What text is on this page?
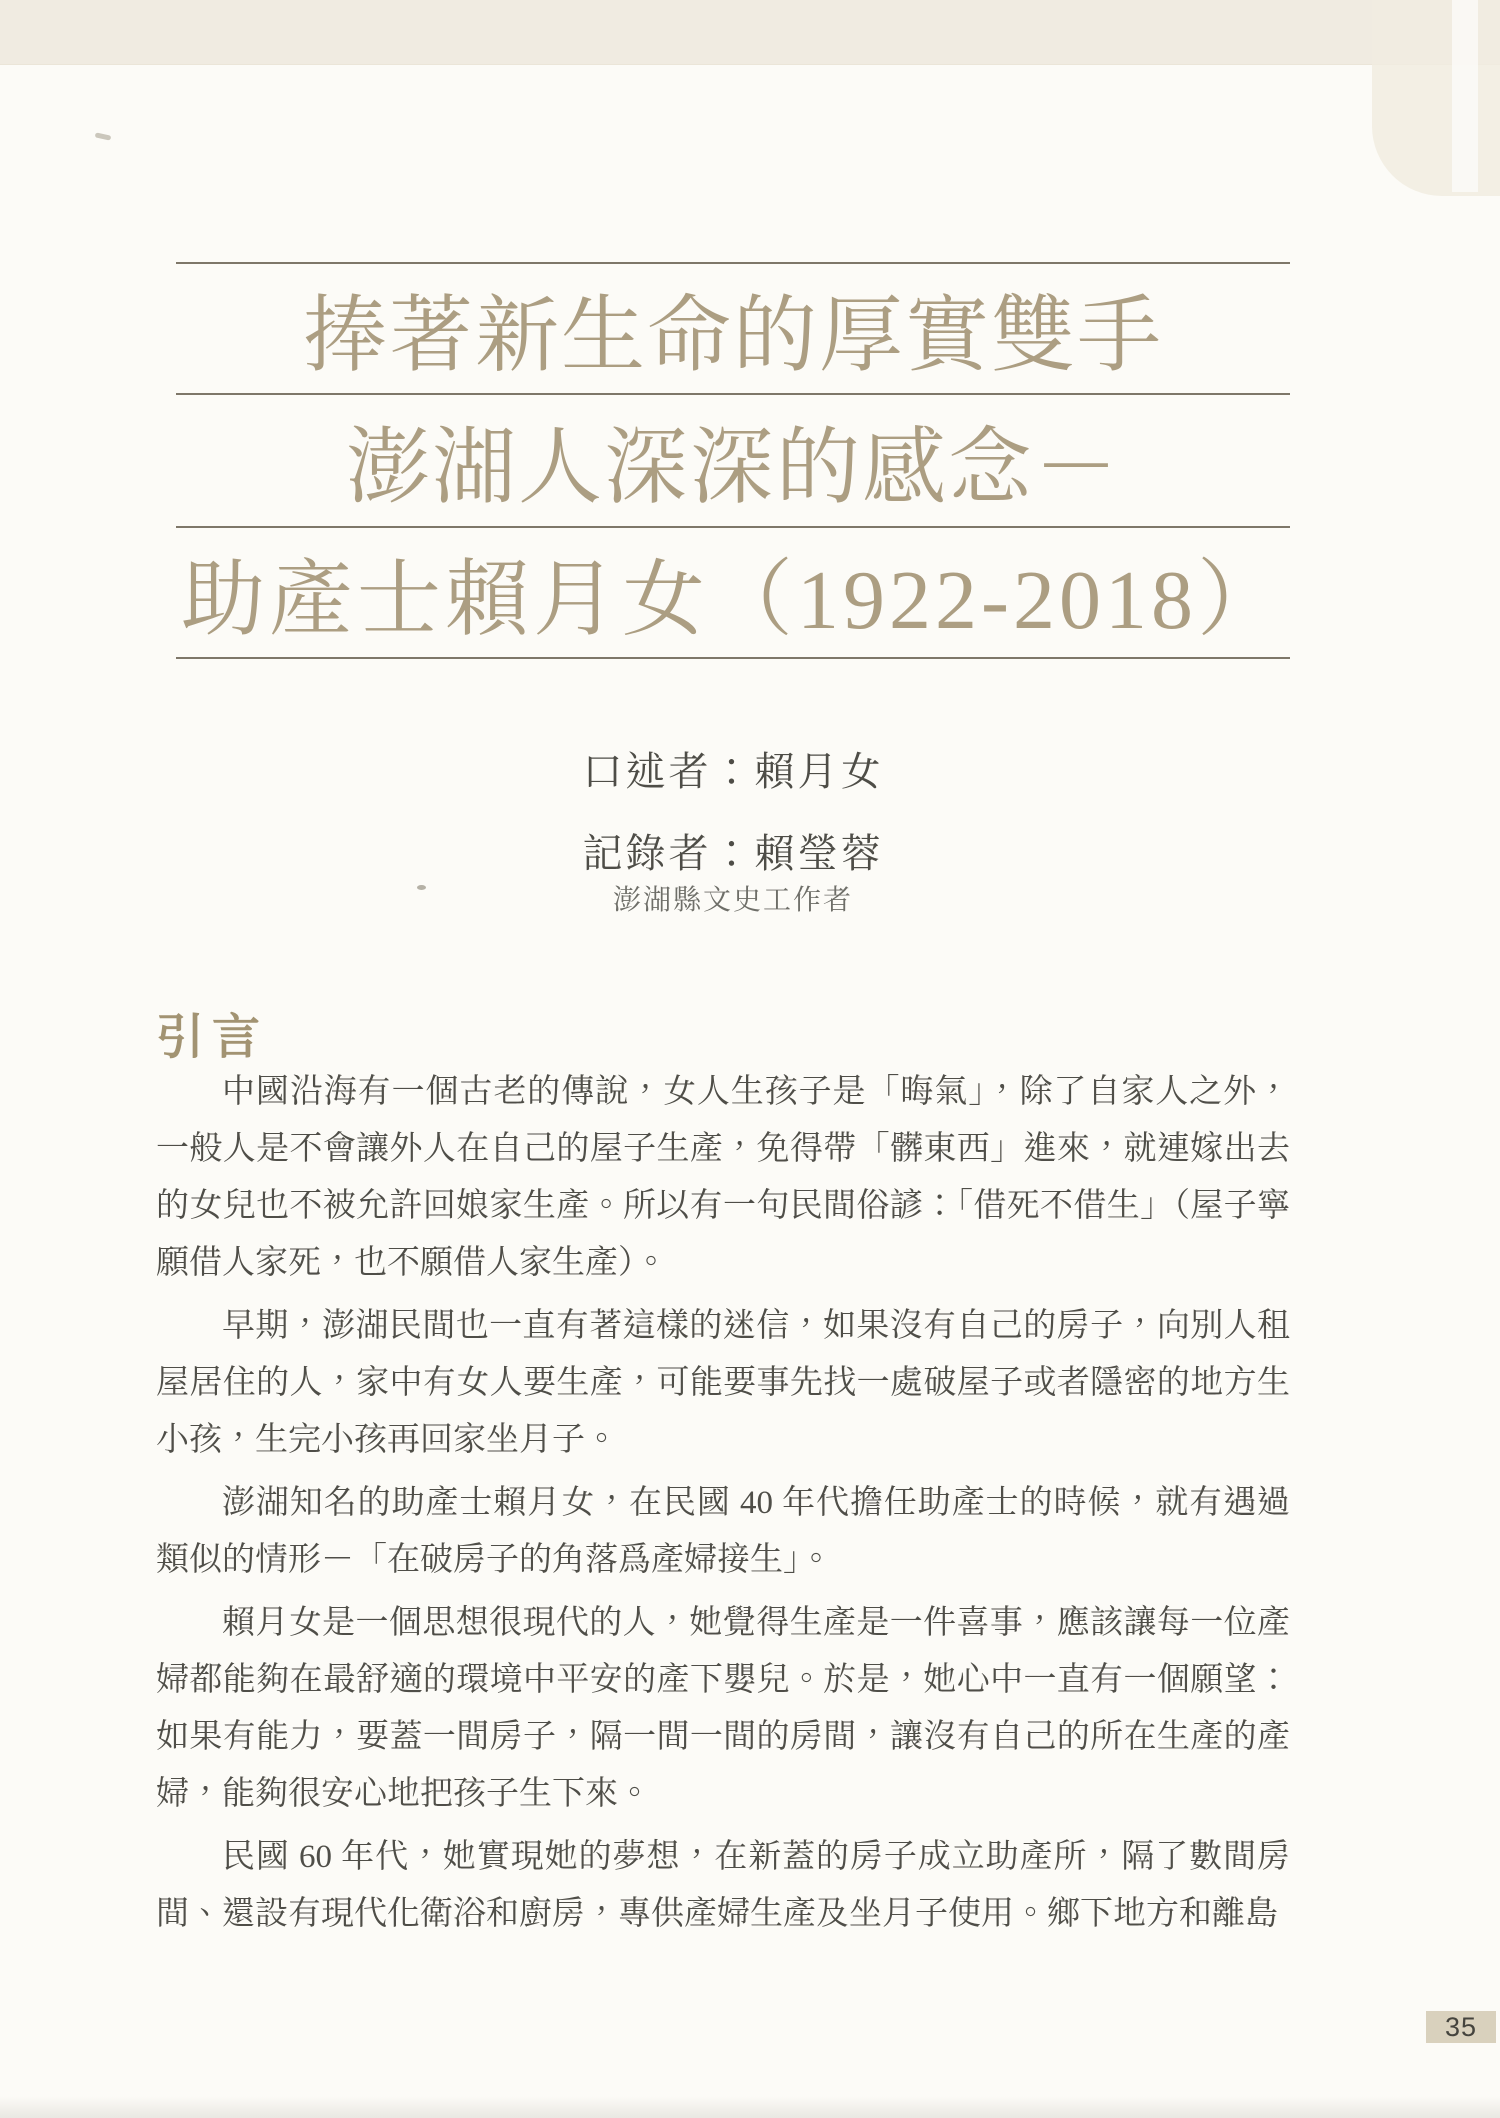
捧著新生命的厚實雙手
澎湖人深深的感念－
助產士賴月女（1922-2018）
口述者：賴月女
記錄者：賴瑩蓉
澎湖縣文史工作者
引言

中國沿海有一個古老的傳說，女人生孩子是「晦氣」，除了自家人之外，一般人是不會讓外人在自己的屋子生產，免得帶「髒東西」進來，就連嫁出去的女兒也不被允許回娘家生產。所以有一句民間俗諺：「借死不借生」（屋子寧願借人家死，也不願借人家生產）。

早期，澎湖民間也一直有著這樣的迷信，如果沒有自己的房子，向別人租屋居住的人，家中有女人要生產，可能要事先找一處破屋子或者隱密的地方生小孩，生完小孩再回家坐月子。

澎湖知名的助產士賴月女，在民國 40 年代擔任助產士的時候，就有遇過類似的情形－「在破房子的角落爲產婦接生」。

賴月女是一個思想很現代的人，她覺得生產是一件喜事，應該讓每一位產婦都能夠在最舒適的環境中平安的產下嬰兒。於是，她心中一直有一個願望：如果有能力，要蓋一間房子，隔一間一間的房間，讓沒有自己的所在生產的產婦，能夠很安心地把孩子生下來。

民國 60 年代，她實現她的夢想，在新蓋的房子成立助產所，隔了數間房間、還設有現代化衛浴和廚房，專供產婦生產及坐月子使用。鄉下地方和離島

35
